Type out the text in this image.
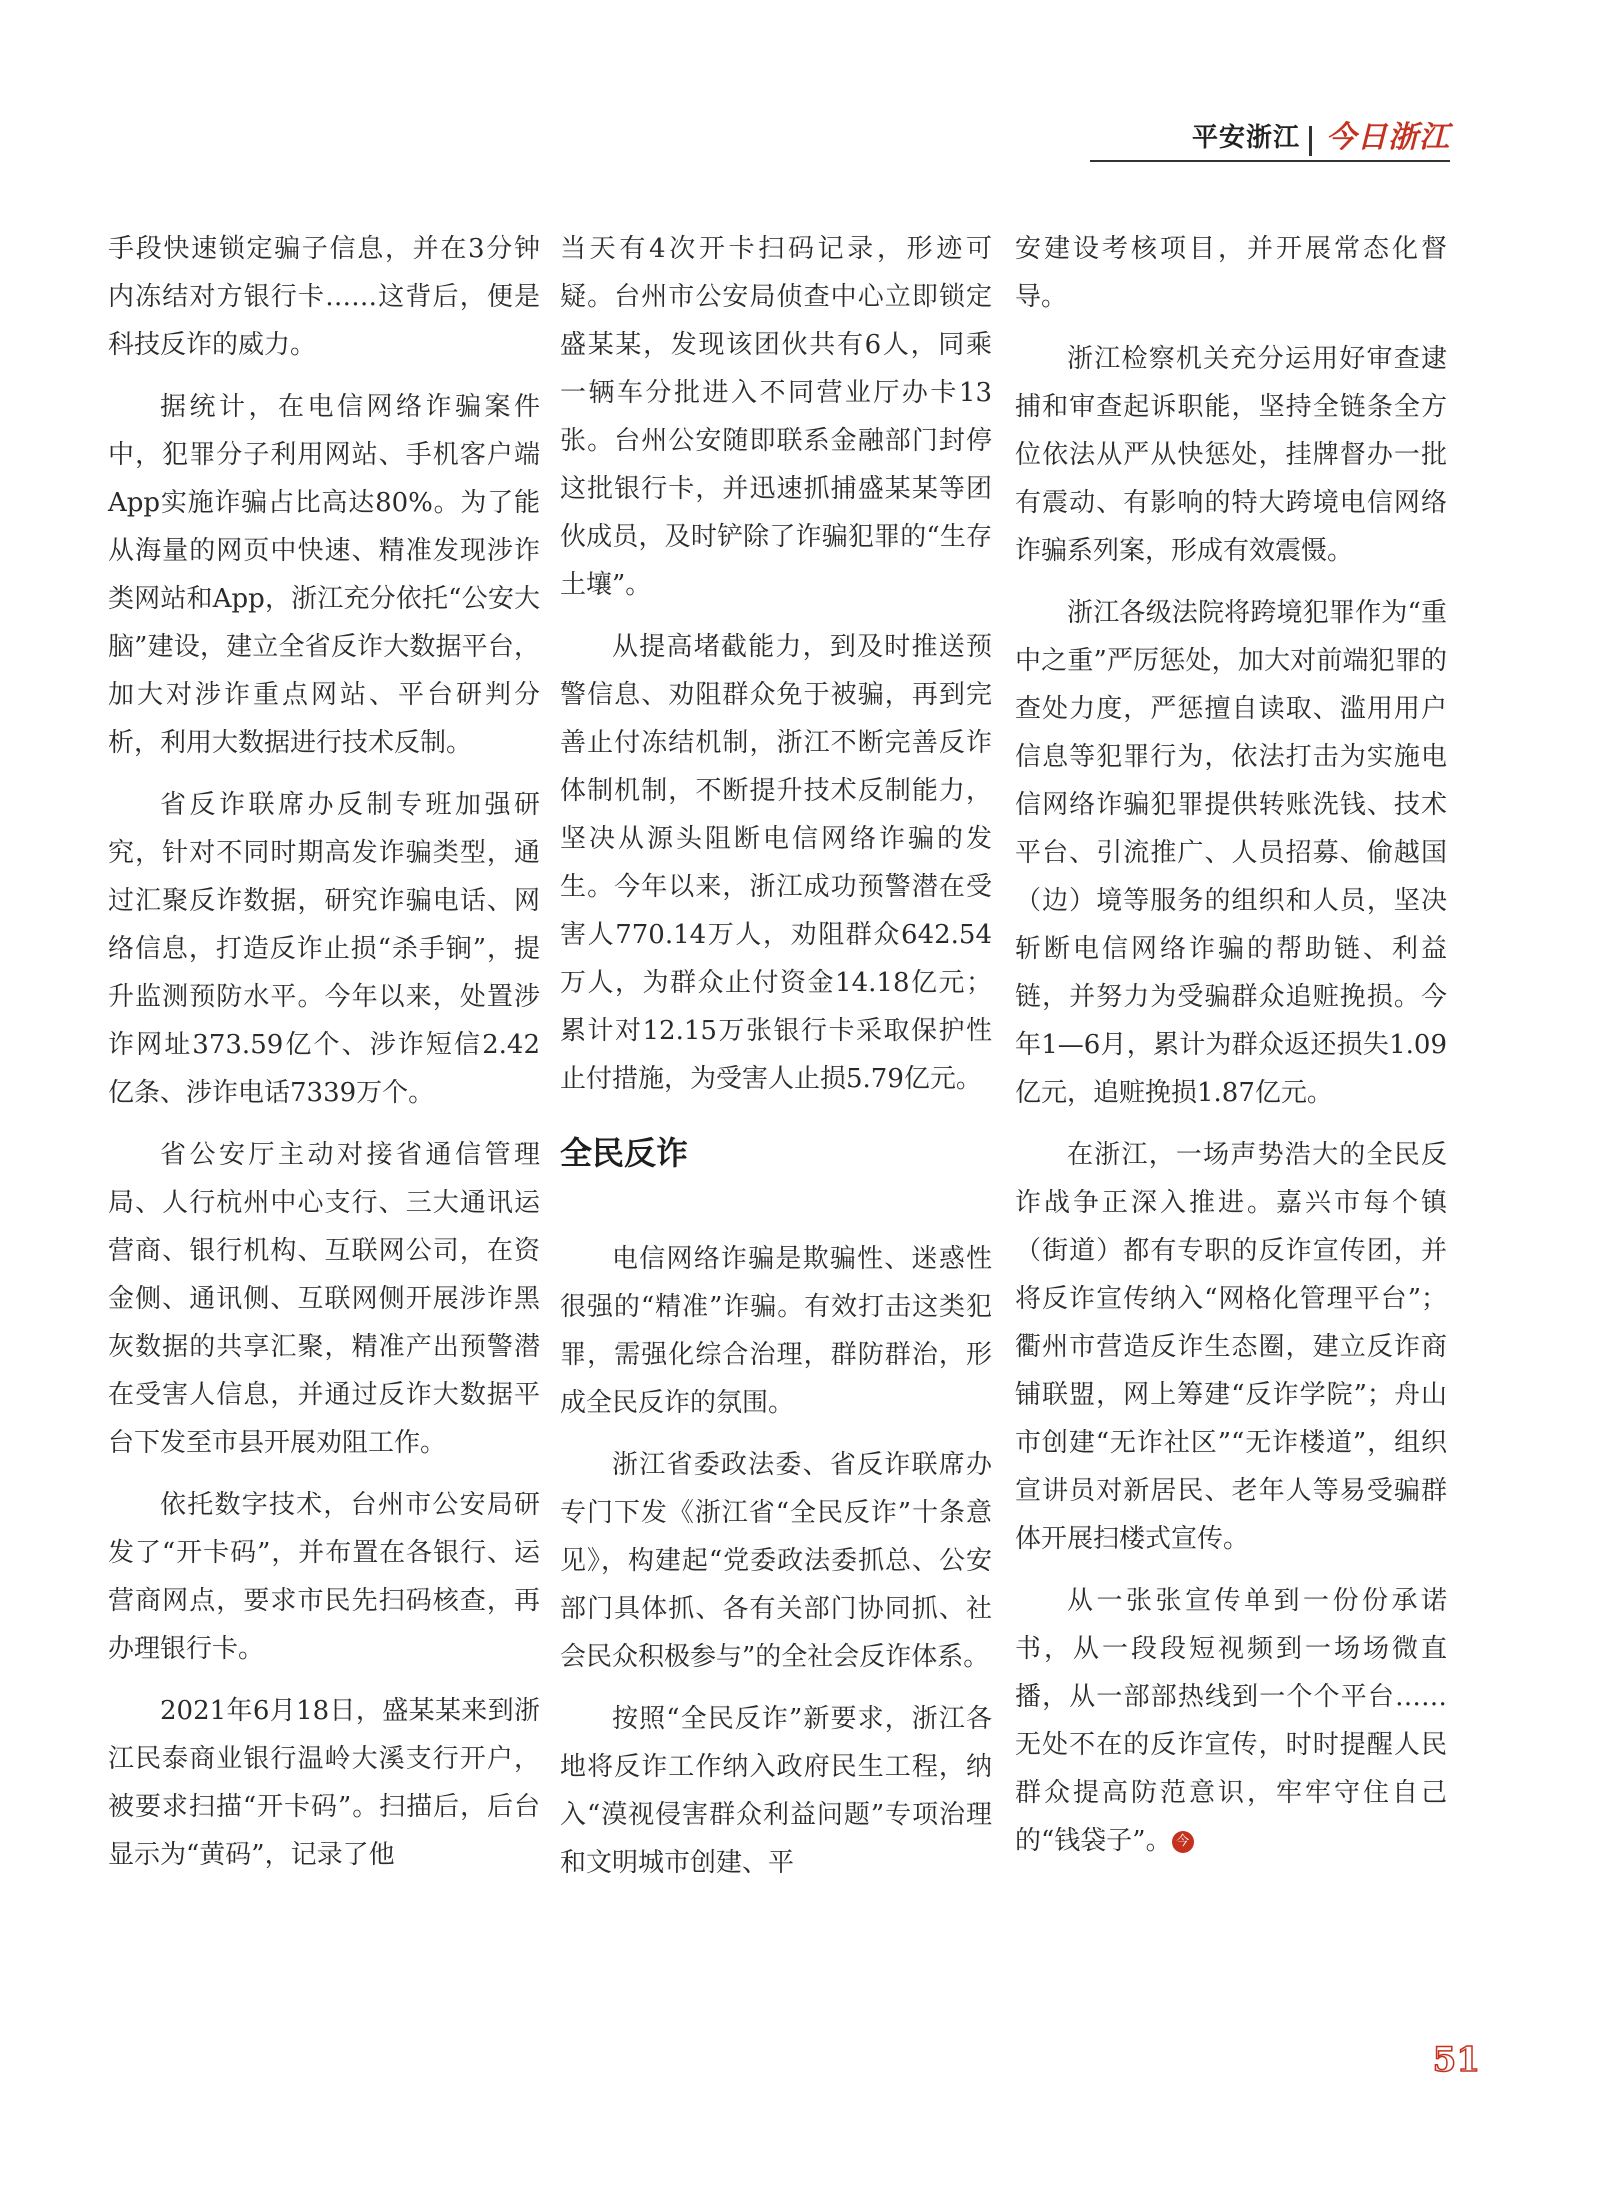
平安浙江 今日浙江

手段快速锁定骗子信息，并在3分钟内冻结对方银行卡……这背后，便是科技反诈的威力。

据统计，在电信网络诈骗案件中，犯罪分子利用网站、手机客户端App实施诈骗占比高达80%。为了能从海量的网页中快速、精准发现涉诈类网站和App，浙江充分依托“公安大脑”建设，建立全省反诈大数据平台，加大对涉诈重点网站、平台研判分析，利用大数据进行技术反制。

省反诈联席办反制专班加强研究，针对不同时期高发诈骗类型，通过汇聚反诈数据，研究诈骗电话、网络信息，打造反诈止损“杀手锏”，提升监测预防水平。今年以来，处置涉诈网址373.59亿个、涉诈短信2.42亿条、涉诈电话7339万个。

省公安厅主动对接省通信管理局、人行杭州中心支行、三大通讯运营商、银行机构、互联网公司，在资金侧、通讯侧、互联网侧开展涉诈黑灰数据的共享汇聚，精准产出预警潜在受害人信息，并通过反诈大数据平台下发至市县开展劝阻工作。

依托数字技术，台州市公安局研发了“开卡码”，并布置在各银行、运营商网点，要求市民先扫码核查，再办理银行卡。

2021年6月18日，盛某某来到浙江民泰商业银行温岭大溪支行开户，被要求扫描“开卡码”。扫描后，后台显示为“黄码”，记录了他

当天有4次开卡扫码记录，形迹可疑。台州市公安局侦查中心立即锁定盛某某，发现该团伙共有6人，同乘一辆车分批进入不同营业厅办卡13张。台州公安随即联系金融部门封停这批银行卡，并迅速抓捕盛某某等团伙成员，及时铲除了诈骗犯罪的“生存土壤”。

从提高堵截能力，到及时推送预警信息、劝阻群众免于被骗，再到完善止付冻结机制，浙江不断完善反诈体制机制，不断提升技术反制能力，坚决从源头阻断电信网络诈骗的发生。今年以来，浙江成功预警潜在受害人770.14万人，劝阻群众642.54万人，为群众止付资金14.18亿元；累计对12.15万张银行卡采取保护性止付措施，为受害人止损5.79亿元。

全民反诈

电信网络诈骗是欺骗性、迷惑性很强的“精准”诈骗。有效打击这类犯罪，需强化综合治理，群防群治，形成全民反诈的氛围。

浙江省委政法委、省反诈联席办专门下发《浙江省“全民反诈”十条意见》，构建起“党委政法委抓总、公安部门具体抓、各有关部门协同抓、社会民众积极参与”的全社会反诈体系。

按照“全民反诈”新要求，浙江各地将反诈工作纳入政府民生工程，纳入“漠视侵害群众利益问题”专项治理和文明城市创建、平

安建设考核项目，并开展常态化督导。

浙江检察机关充分运用好审查逮捕和审查起诉职能，坚持全链条全方位依法从严从快惩处，挂牌督办一批有震动、有影响的特大跨境电信网络诈骗系列案，形成有效震慑。

浙江各级法院将跨境犯罪作为“重中之重”严厉惩处，加大对前端犯罪的查处力度，严惩擅自读取、滥用用户信息等犯罪行为，依法打击为实施电信网络诈骗犯罪提供转账洗钱、技术平台、引流推广、人员招募、偷越国（边）境等服务的组织和人员，坚决斩断电信网络诈骗的帮助链、利益链，并努力为受骗群众追赃挽损。今年1—6月，累计为群众返还损失1.09亿元，追赃挽损1.87亿元。

在浙江，一场声势浩大的全民反诈战争正深入推进。嘉兴市每个镇（街道）都有专职的反诈宣传团，并将反诈宣传纳入“网格化管理平台”；衢州市营造反诈生态圈，建立反诈商铺联盟，网上筹建“反诈学院”；舟山市创建“无诈社区”“无诈楼道”，组织宣讲员对新居民、老年人等易受骗群体开展扫楼式宣传。

从一张张宣传单到一份份承诺书，从一段段短视频到一场场微直播，从一部部热线到一个个平台……无处不在的反诈宣传，时时提醒人民群众提高防范意识，牢牢守住自己的“钱袋子”。 今

51
